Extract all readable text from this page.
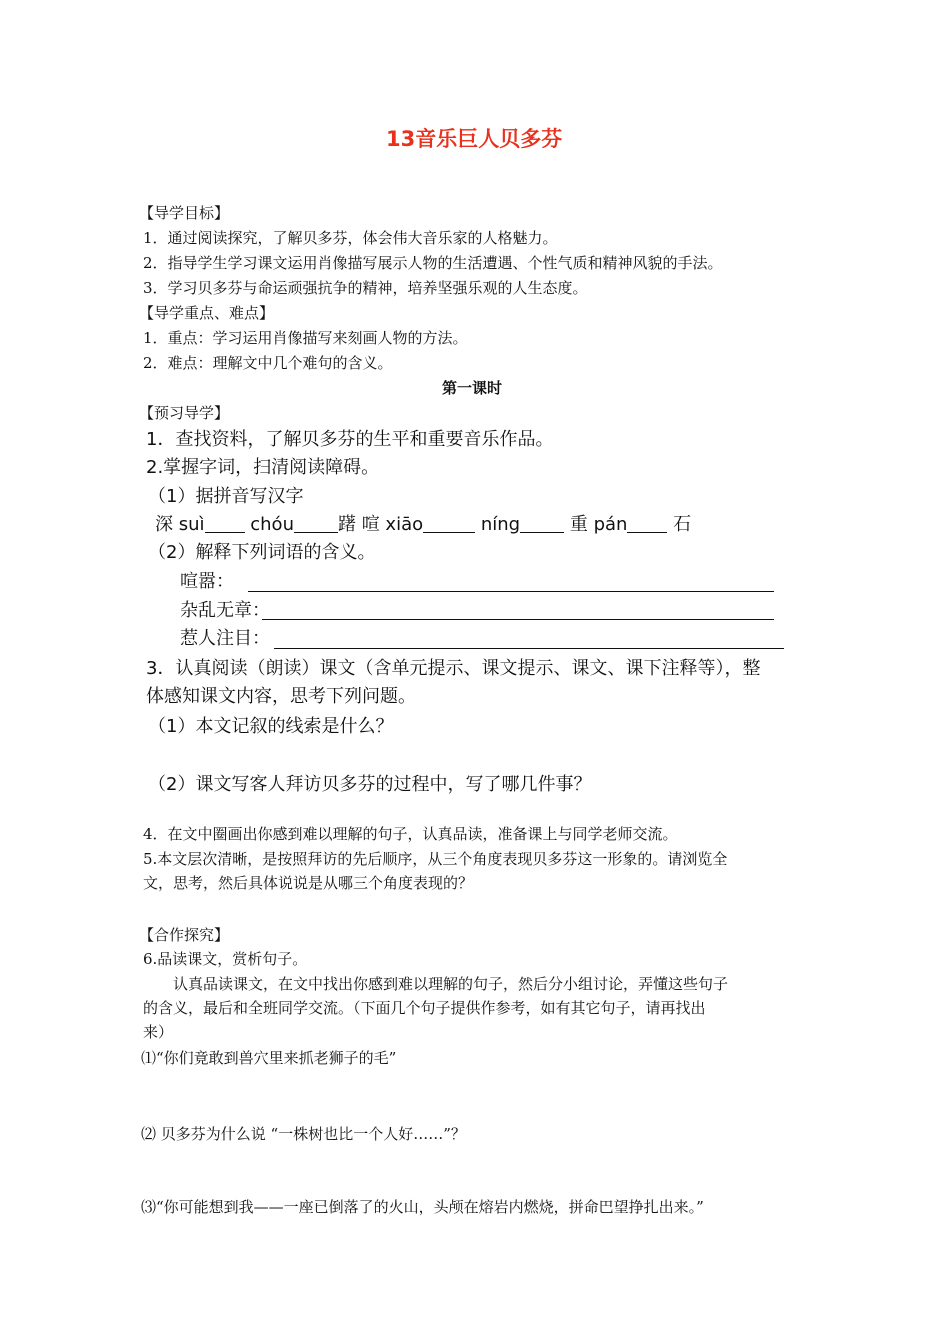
13音乐巨人贝多芬
【导学目标】
1．通过阅读探究，了解贝多芬，体会伟大音乐家的人格魅力。
2．指导学生学习课文运用肖像描写展示人物的生活遭遇、个性气质和精神风貌的手法。
3．学习贝多芬与命运顽强抗争的精神，培养坚强乐观的人生态度。
【导学重点、难点】
1．重点：学习运用肖像描写来刻画人物的方法。
2．难点：理解文中几个难句的含义。
第一课时
【预习导学】
1．查找资料，了解贝多芬的生平和重要音乐作品。
2.掌握字词，扫清阅读障碍。
（1）据拼音写汉字
深 suì	chóu 躇 喧 xiāo	níng	重 pán	石
（2）解释下列词语的含义。
喧嚣：
杂乱无章：
惹人注目：
3．认真阅读（朗读）课文（含单元提示、课文提示、课文、课下注释等），整
体感知课文内容，思考下列问题。
（1）本文记叙的线索是什么？
（2）课文写客人拜访贝多芬的过程中，写了哪几件事？
4．在文中圈画出你感到难以理解的句子，认真品读，准备课上与同学老师交流。
5.本文层次清晰，是按照拜访的先后顺序，从三个角度表现贝多芬这一形象的。请浏览全
文，思考，然后具体说说是从哪三个角度表现的？
【合作探究】
6.品读课文，赏析句子。
认真品读课文，在文中找出你感到难以理解的句子，然后分小组讨论，弄懂这些句子
的含义，最后和全班同学交流。（下面几个句子提供作参考，如有其它句子，请再找出
来）
⑴“你们竟敢到兽穴里来抓老狮子的毛”
⑵ 贝多芬为什么说 “一株树也比一个人好……”？
⑶“你可能想到我——一座已倒落了的火山，头颅在熔岩内燃烧，拼命巴望挣扎出来。”
